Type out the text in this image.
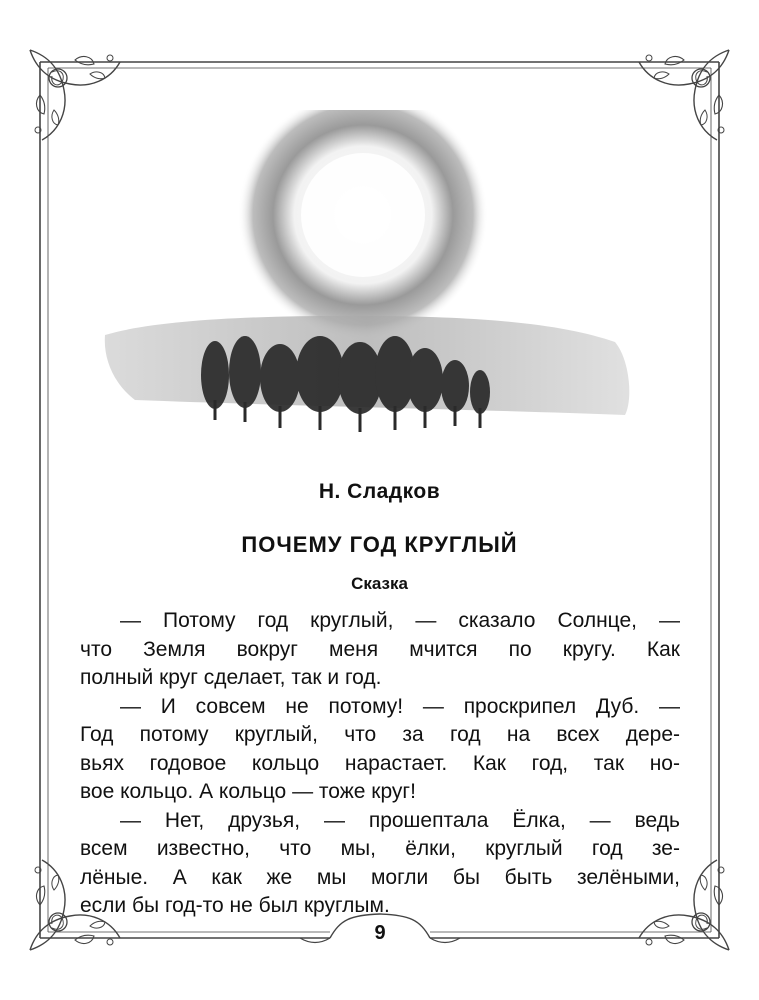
Н. Сладков
ПОЧЕМУ ГОД КРУГЛЫЙ
Сказка
— Потому год круглый, — сказало Солнце, —
что Земля вокруг меня мчится по кругу. Как
полный круг сделает, так и год.
— И совсем не потому! — проскрипел Дуб. —
Год потому круглый, что за год на всех дере-
вьях годовое кольцо нарастает. Как год, так но-
вое кольцо. А кольцо — тоже круг!
— Нет, друзья, — прошептала Ёлка, — ведь
всем известно, что мы, ёлки, круглый год зе-
лёные. А как же мы могли бы быть зелёными,
если бы год-то не был круглым.
9
